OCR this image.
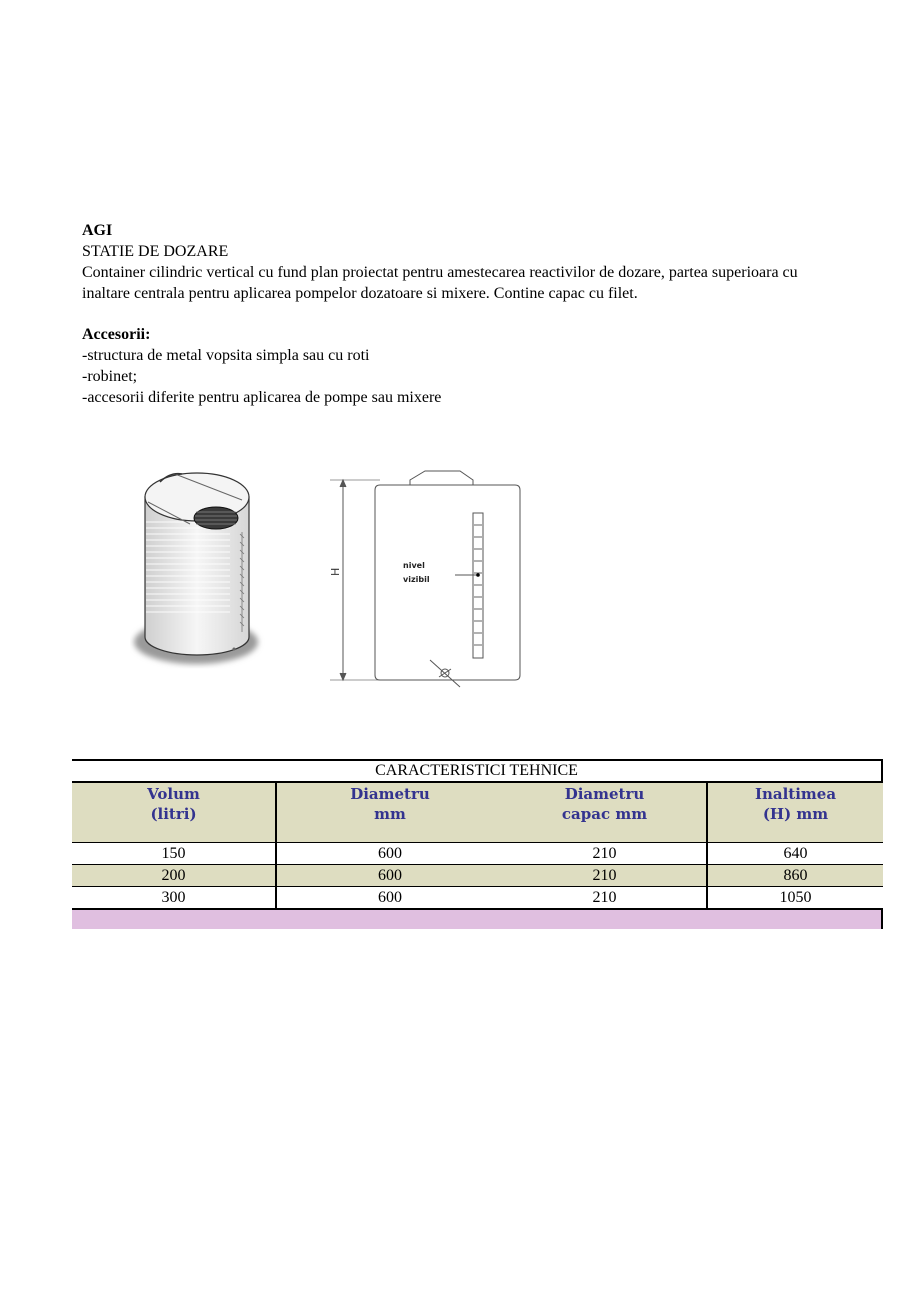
AGI

STATIE DE DOZARE

Container cilindric vertical cu fund plan proiectat pentru amestecarea reactivilor de dozare, partea superioara cu inaltare centrala pentru aplicarea pompelor dozatoare si mixere. Contine capac cu filet.

Accesorii:

-structura de metal vopsita simpla sau cu roti

-robinet;

-accesorii diferite pentru aplicarea de pompe sau mixere

nivel
vizibil
H
CARACTERISTICI TEHNICE
Volum
(litri)
Diametru
mm
Diametru
capac mm
Inaltimea
(H) mm
150	600	210	640
200	600	210	860
300	600	210	1050
